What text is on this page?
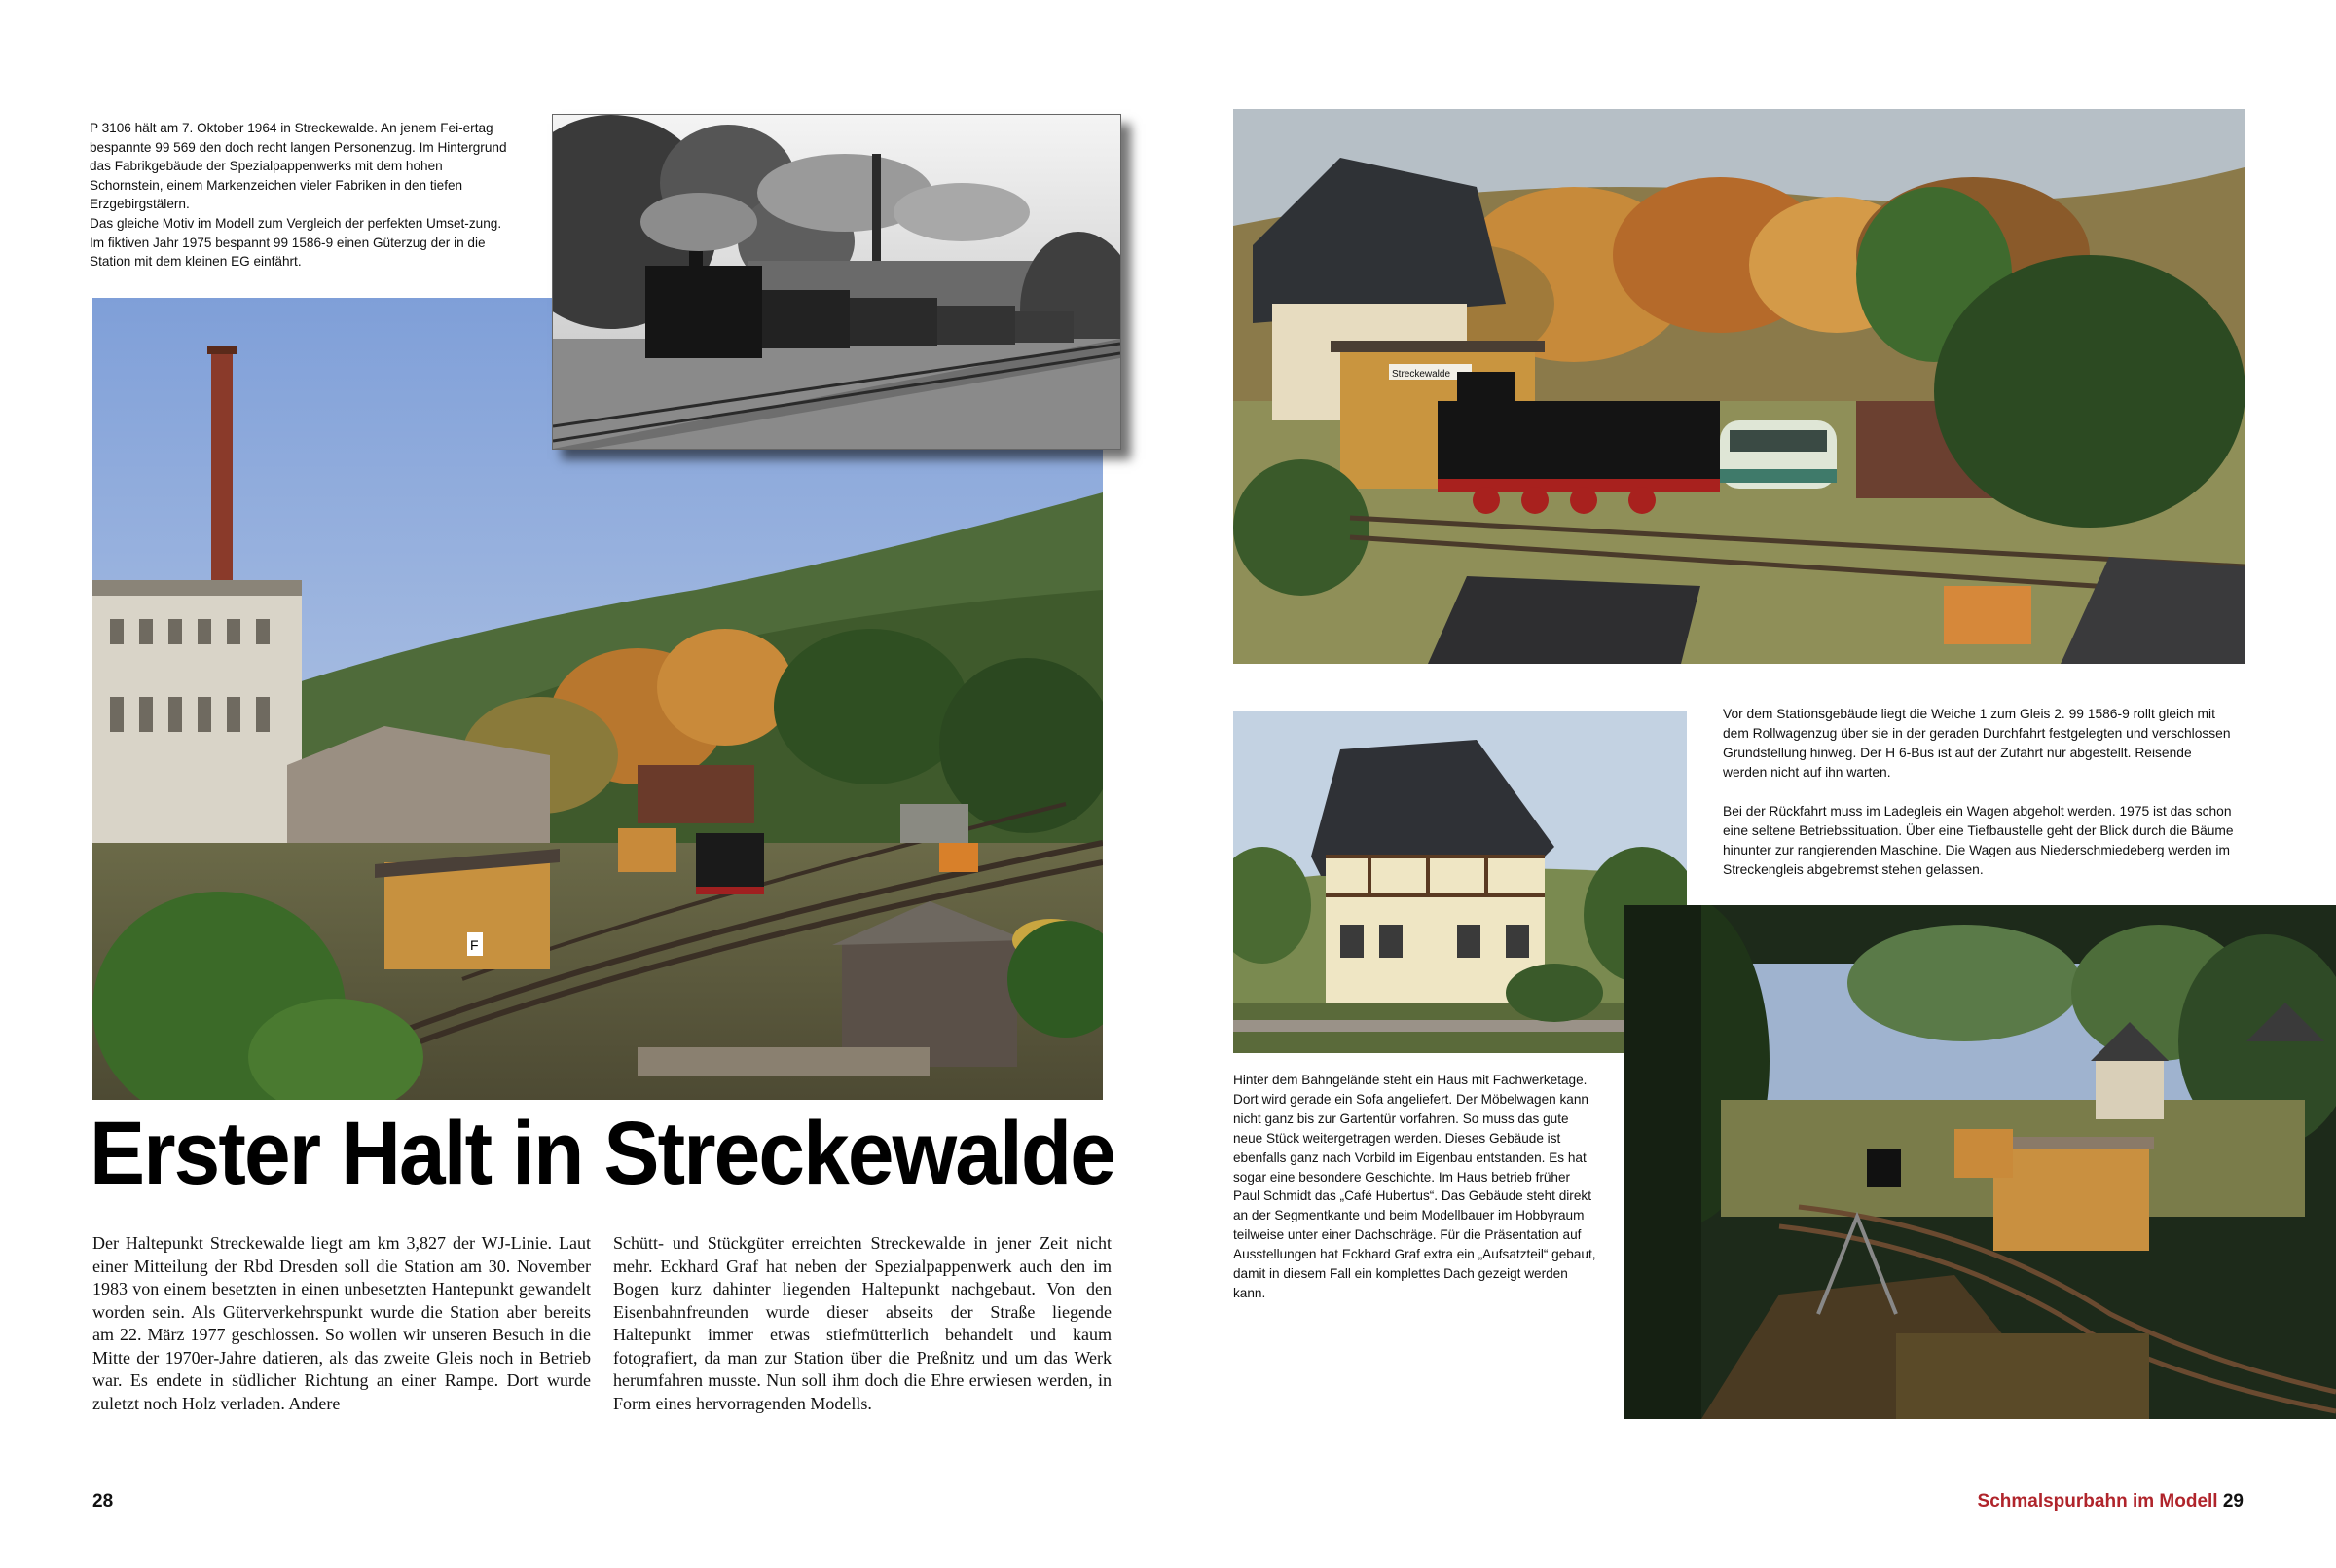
P 3106 hält am 7. Oktober 1964 in Streckewalde. An jenem Fei-ertag bespannte 99 569 den doch recht langen Personenzug. Im Hintergrund das Fabrikgebäude der Spezialpappenwerks mit dem hohen Schornstein, einem Markenzeichen vieler Fabriken in den tiefen Erzgebirgstälern.

Das gleiche Motiv im Modell zum Vergleich der perfekten Umset-zung. Im fiktiven Jahr 1975 bespannt 99 1586-9 einen Güterzug der in die Station mit dem kleinen EG einfährt.

F
Erster Halt in Streckewalde

Der Haltepunkt Streckewalde liegt am km 3,827 der WJ-Linie. Laut einer Mitteilung der Rbd Dresden soll die Station am 30. November 1983 von einem besetzten in einen unbesetzten Hantepunkt gewandelt worden sein. Als Güterverkehrspunkt wurde die Station aber bereits am 22. März 1977 geschlossen. So wollen wir unseren Besuch in die Mitte der 1970er-Jahre datieren, als das zweite Gleis noch in Betrieb war. Es endete in südlicher Richtung an einer Rampe. Dort wurde zuletzt noch Holz verladen. Andere

Schütt- und Stückgüter erreichten Streckewalde in jener Zeit nicht mehr. Eckhard Graf hat neben der Spezialpappenwerk auch den im Bogen kurz dahinter liegenden Haltepunkt nachgebaut. Von den Eisenbahnfreunden wurde dieser abseits der Straße liegende Haltepunkt immer etwas stiefmütterlich behandelt und kaum fotografiert, da man zur Station über die Preßnitz und um das Werk herumfahren musste. Nun soll ihm doch die Ehre erwiesen werden, in Form eines hervorragenden Modells.

28
Streckewalde

Vor dem Stationsgebäude liegt die Weiche 1 zum Gleis 2. 99 1586-9 rollt gleich mit dem Rollwagenzug über sie in der geraden Durchfahrt festgelegten und verschlossen Grundstellung hinweg. Der H 6-Bus ist auf der Zufahrt nur abgestellt. Reisende werden nicht auf ihn warten.

Bei der Rückfahrt muss im Ladegleis ein Wagen abgeholt werden. 1975 ist das schon eine seltene Betriebssituation. Über eine Tiefbaustelle geht der Blick durch die Bäume hinunter zur rangierenden Maschine. Die Wagen aus Niederschmiedeberg werden im Streckengleis abgebremst stehen gelassen.

Hinter dem Bahngelände steht ein Haus mit Fachwerketage. Dort wird gerade ein Sofa angeliefert. Der Möbelwagen kann nicht ganz bis zur Gartentür vorfahren. So muss das gute neue Stück weitergetragen werden. Dieses Gebäude ist ebenfalls ganz nach Vorbild im Eigenbau entstanden. Es hat sogar eine besondere Geschichte. Im Haus betrieb früher Paul Schmidt das „Café Hubertus“. Das Gebäude steht direkt an der Segmentkante und beim Modellbauer im Hobbyraum teilweise unter einer Dachschräge. Für die Präsentation auf Ausstellungen hat Eckhard Graf extra ein „Aufsatzteil“ gebaut, damit in diesem Fall ein komplettes Dach gezeigt werden kann.

Schmalspurbahn im Modell 29
